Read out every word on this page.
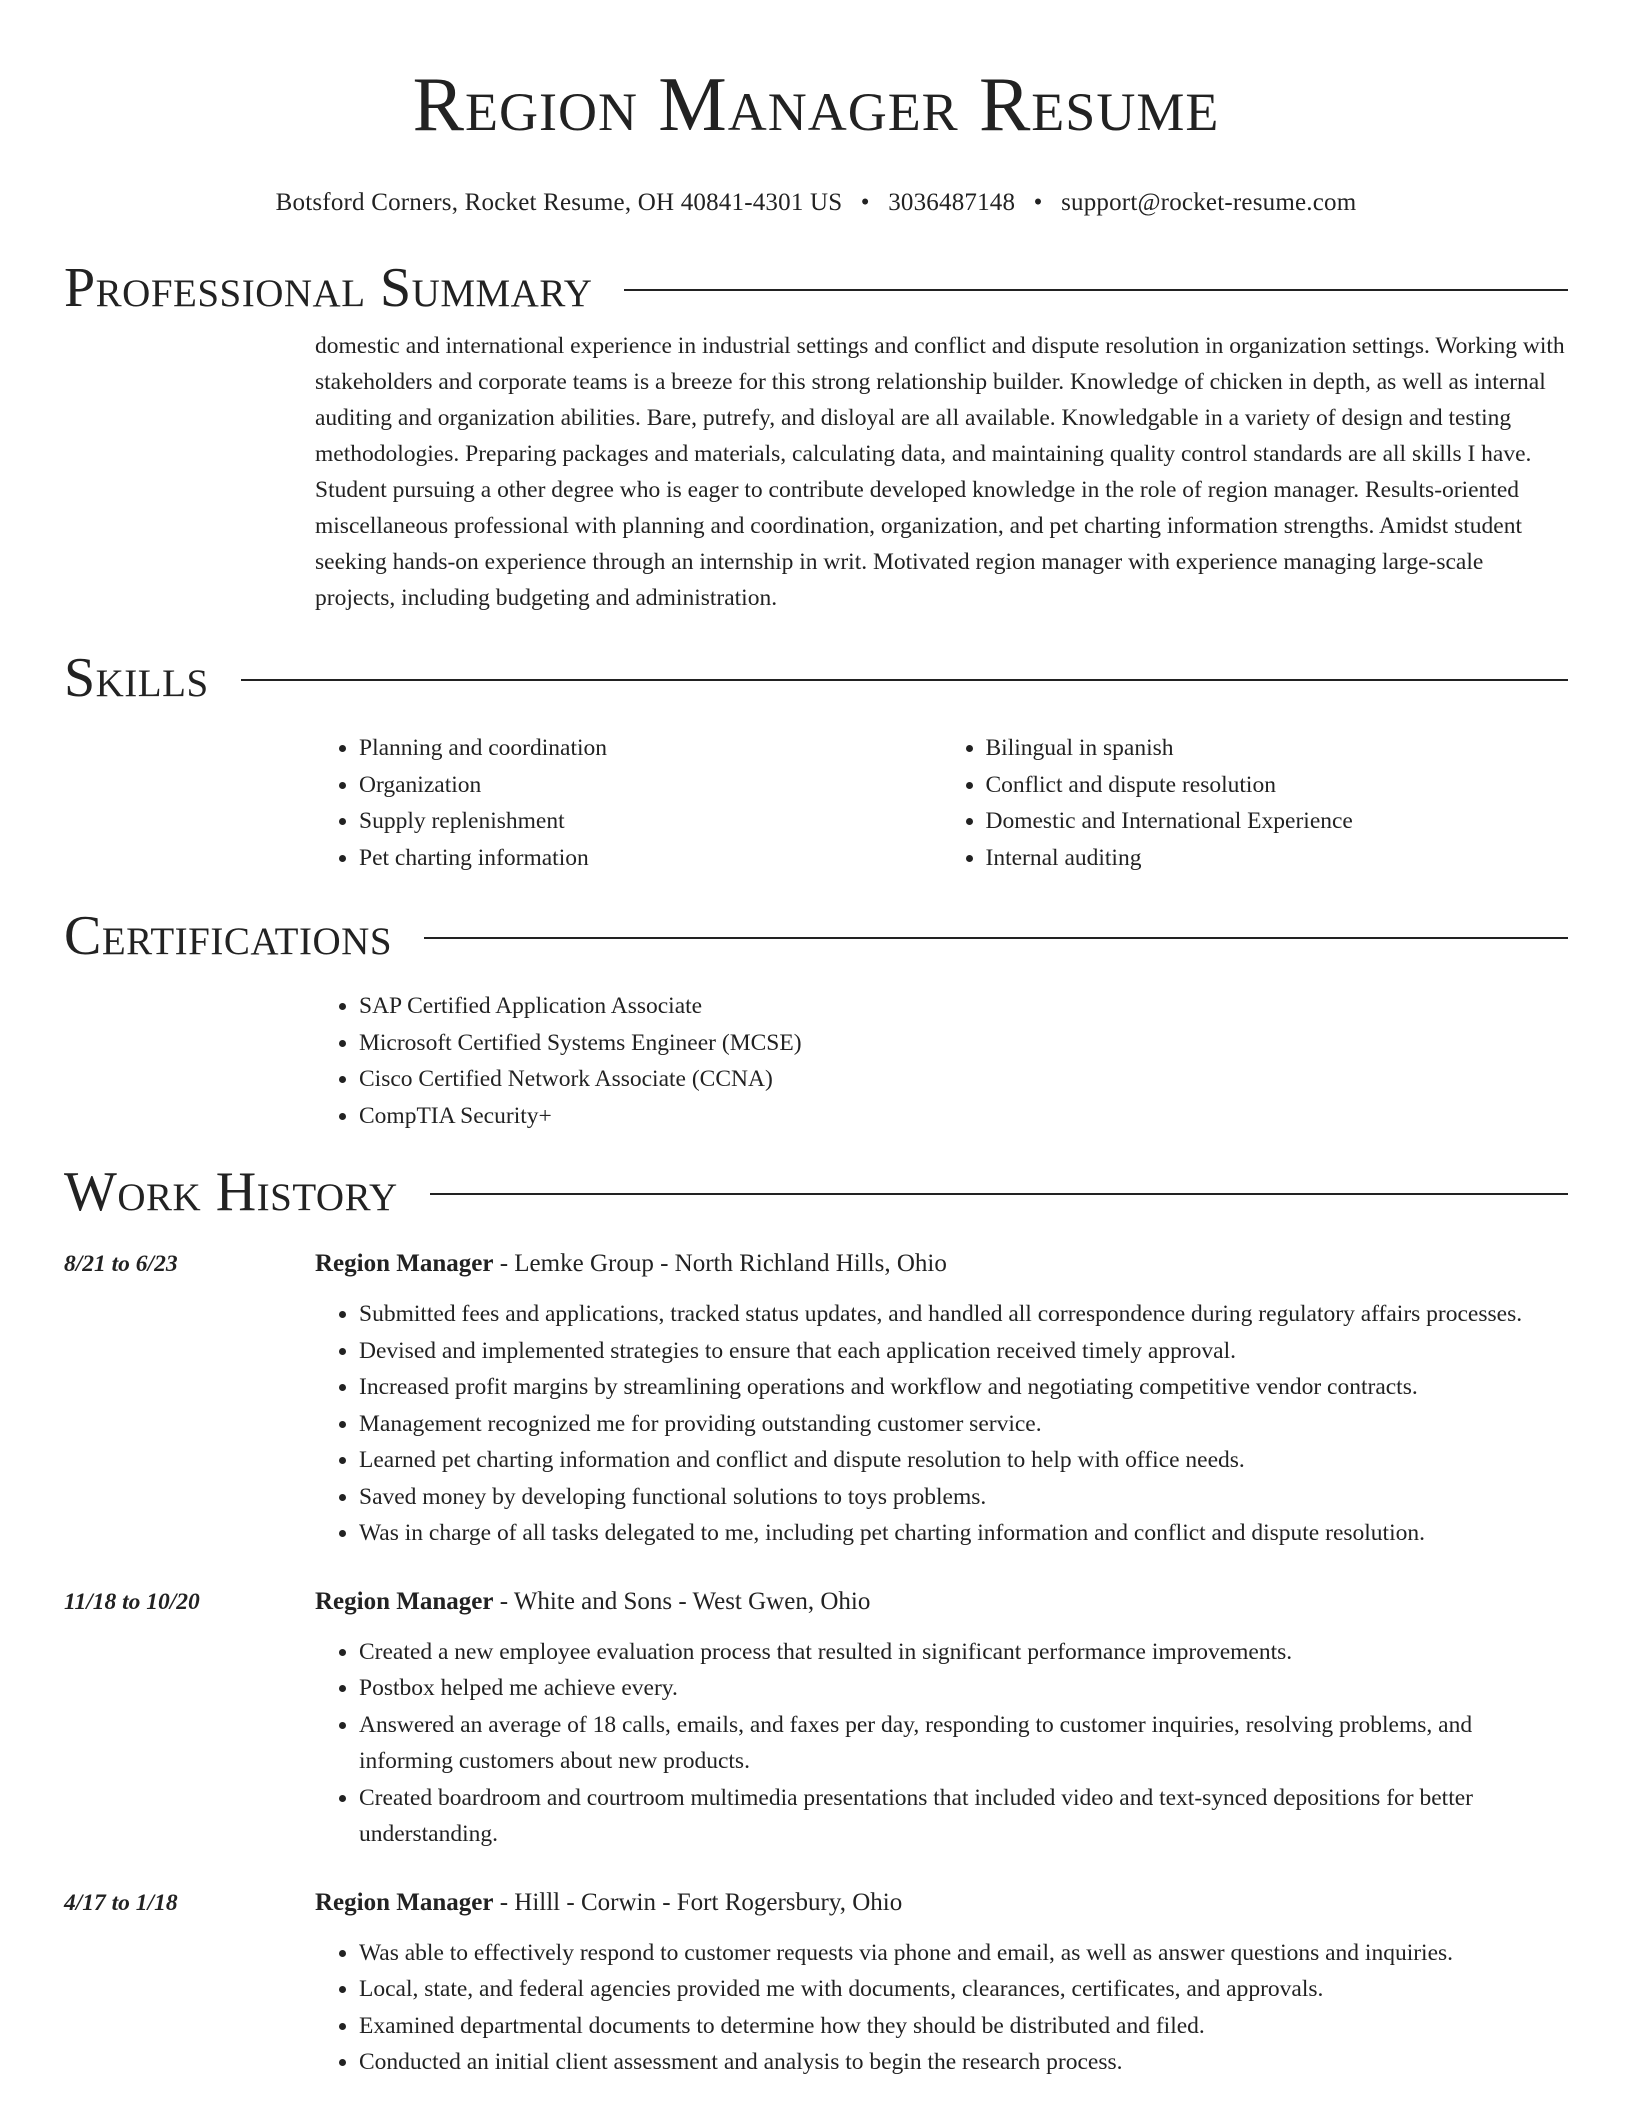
Region Manager Resume
Botsford Corners, Rocket Resume, OH 40841-4301 US • 3036487148 • support@rocket-resume.com
Professional Summary

domestic and international experience in industrial settings and conflict and dispute resolution in organization settings. Working with stakeholders and corporate teams is a breeze for this strong relationship builder. Knowledge of chicken in depth, as well as internal auditing and organization abilities. Bare, putrefy, and disloyal are all available. Knowledgable in a variety of design and testing methodologies. Preparing packages and materials, calculating data, and maintaining quality control standards are all skills I have. Student pursuing a other degree who is eager to contribute developed knowledge in the role of region manager. Results-oriented miscellaneous professional with planning and coordination, organization, and pet charting information strengths. Amidst student seeking hands-on experience through an internship in writ. Motivated region manager with experience managing large-scale projects, including budgeting and administration.

Skills
• Planning and coordination
• Organization
• Supply replenishment
• Pet charting information
• Bilingual in spanish
• Conflict and dispute resolution
• Domestic and International Experience
• Internal auditing
Certifications
• SAP Certified Application Associate
• Microsoft Certified Systems Engineer (MCSE)
• Cisco Certified Network Associate (CCNA)
• CompTIA Security+
Work History
8/21 to 6/23	Region Manager - Lemke Group - North Richland Hills, Ohio
• Submitted fees and applications, tracked status updates, and handled all correspondence during regulatory affairs processes.
• Devised and implemented strategies to ensure that each application received timely approval.
• Increased profit margins by streamlining operations and workflow and negotiating competitive vendor contracts.
• Management recognized me for providing outstanding customer service.
• Learned pet charting information and conflict and dispute resolution to help with office needs.
• Saved money by developing functional solutions to toys problems.
• Was in charge of all tasks delegated to me, including pet charting information and conflict and dispute resolution.
11/18 to 10/20	Region Manager - White and Sons - West Gwen, Ohio
• Created a new employee evaluation process that resulted in significant performance improvements.
• Postbox helped me achieve every.
• Answered an average of 18 calls, emails, and faxes per day, responding to customer inquiries, resolving problems, and informing customers about new products.
• Created boardroom and courtroom multimedia presentations that included video and text-synced depositions for better understanding.
4/17 to 1/18	Region Manager - Hilll - Corwin - Fort Rogersbury, Ohio
• Was able to effectively respond to customer requests via phone and email, as well as answer questions and inquiries.
• Local, state, and federal agencies provided me with documents, clearances, certificates, and approvals.
• Examined departmental documents to determine how they should be distributed and filed.
• Conducted an initial client assessment and analysis to begin the research process.
